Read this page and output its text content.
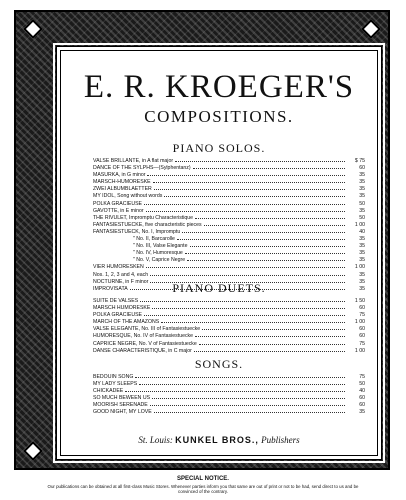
E. R. KROEGER'S
COMPOSITIONS.
PIANO SOLOS.
VALSE BRILLANTE, in A flat major	$ 75
DANCE OF THE SYLPHS—(Sylphentanz)	60
MASURKA, in G minor	35
MARSCH-HUMORESKE	35
ZWEI ALBUMBLAETTER	35
MY IDOL, Song without words	35
POLKA GRACIEUSE	50
GAVOTTE, in E minor	35
THE RIVULET, Impromptu Characteristique	50
FANTASIESTUECKE, five characteristic pieces	1 00
FANTASIESTUECK, No. I, Impromptu	40
" No. II, Barcarolle	35
" No. III, Valse Elegante	35
" No. IV, Humoresque	35
" No. V, Caprice Negre	35
VIER HUMORESKEN	1 00
Nos. 1, 2, 3 and 4, each	35
NOCTURNE, in F minor	35
IMPROVISATA	35
PIANO DUETS.
SUITE DE VALSES	1 50
MARSCH HUMORESKE	60
POLKA GRACIEUSE	75
MARCH OF THE AMAZONS	1 00
VALSE ELEGANTE, No. III of Fantasiestuecke	60
HUMORESQUE, No. IV of Fantasiestuecke	60
CAPRICE NEGRE, No. V of Fantasiestuecke	75
DANSE CHARACTERISTIQUE, in C major	1 00
SONGS.
BEDOUIN SONG	75
MY LADY SLEEPS	50
CHICKADEE	40
SO MUCH BEWEEN US	60
MOORISH SERENADE	60
GOOD NIGHT, MY LOVE	35
St. Louis: KUNKEL BROS., Publishers
SPECIAL NOTICE.
Our publications can be obtained at all first-class Music Stores. Whenever parties inform you that same are out of print or not to be had, send direct to us and be convinced of the contrary.
